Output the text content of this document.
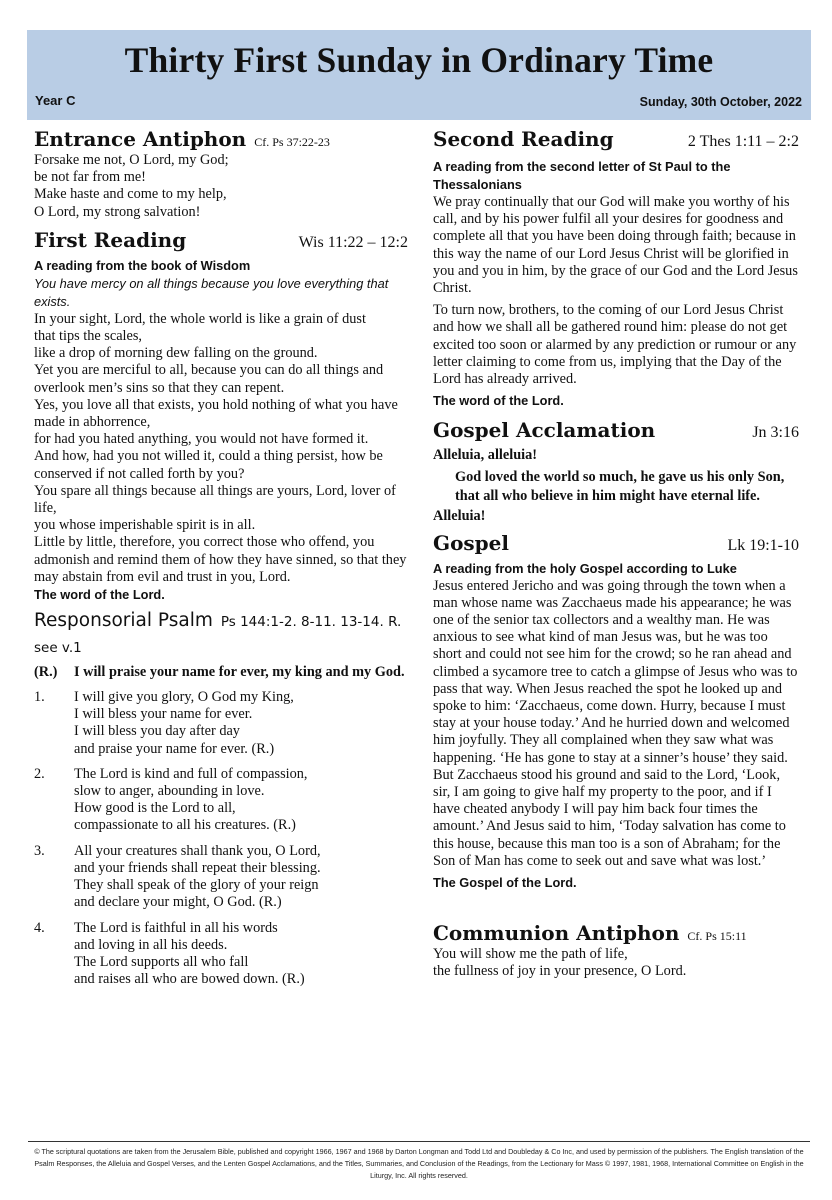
Thirty First Sunday in Ordinary Time
Year C	Sunday, 30th October, 2022
Entrance Antiphon Cf. Ps 37:22-23
Forsake me not, O Lord, my God;
be not far from me!
Make haste and come to my help,
O Lord, my strong salvation!
First Reading	Wis 11:22 – 12:2
A reading from the book of Wisdom
You have mercy on all things because you love everything that exists.
In your sight, Lord, the whole world is like a grain of dust
that tips the scales,
like a drop of morning dew falling on the ground.
Yet you are merciful to all, because you can do all things and overlook men’s sins so that they can repent.
Yes, you love all that exists, you hold nothing of what you have made in abhorrence,
for had you hated anything, you would not have formed it.
And how, had you not willed it, could a thing persist, how be conserved if not called forth by you?
You spare all things because all things are yours, Lord, lover of life,
you whose imperishable spirit is in all.
Little by little, therefore, you correct those who offend, you admonish and remind them of how they have sinned, so that they may abstain from evil and trust in you, Lord.
The word of the Lord.
Responsorial Psalm Ps 144:1-2. 8-11. 13-14. R. see v.1
(R.)	I will praise your name for ever, my king and my God.
1.	I will give you glory, O God my King,
I will bless your name for ever.
I will bless you day after day
and praise your name for ever. (R.)
2.	The Lord is kind and full of compassion,
slow to anger, abounding in love.
How good is the Lord to all,
compassionate to all his creatures. (R.)
3.	All your creatures shall thank you, O Lord,
and your friends shall repeat their blessing.
They shall speak of the glory of your reign
and declare your might, O God. (R.)
4.	The Lord is faithful in all his words
and loving in all his deeds.
The Lord supports all who fall
and raises all who are bowed down. (R.)
Second Reading	2 Thes 1:11 – 2:2
A reading from the second letter of St Paul to the Thessalonians
We pray continually that our God will make you worthy of his call, and by his power fulfil all your desires for goodness and complete all that you have been doing through faith; because in this way the name of our Lord Jesus Christ will be glorified in you and you in him, by the grace of our God and the Lord Jesus Christ.
To turn now, brothers, to the coming of our Lord Jesus Christ and how we shall all be gathered round him: please do not get excited too soon or alarmed by any prediction or rumour or any letter claiming to come from us, implying that the Day of the Lord has already arrived.
The word of the Lord.
Gospel Acclamation	Jn 3:16
Alleluia, alleluia!
God loved the world so much, he gave us his only Son, that all who believe in him might have eternal life.
Alleluia!
Gospel	Lk 19:1-10
A reading from the holy Gospel according to Luke
Jesus entered Jericho and was going through the town when a man whose name was Zacchaeus made his appearance; he was one of the senior tax collectors and a wealthy man. He was anxious to see what kind of man Jesus was, but he was too short and could not see him for the crowd; so he ran ahead and climbed a sycamore tree to catch a glimpse of Jesus who was to pass that way. When Jesus reached the spot he looked up and spoke to him: ‘Zacchaeus, come down. Hurry, because I must stay at your house today.’ And he hurried down and welcomed him joyfully. They all complained when they saw what was happening. ‘He has gone to stay at a sinner’s house’ they said. But Zacchaeus stood his ground and said to the Lord, ‘Look, sir, I am going to give half my property to the poor, and if I have cheated anybody I will pay him back four times the amount.’ And Jesus said to him, ‘Today salvation has come to this house, because this man too is a son of Abraham; for the Son of Man has come to seek out and save what was lost.’
The Gospel of the Lord.
Communion Antiphon Cf. Ps 15:11
You will show me the path of life,
the fullness of joy in your presence, O Lord.
© The scriptural quotations are taken from the Jerusalem Bible, published and copyright 1966, 1967 and 1968 by Darton Longman and Todd Ltd and Doubleday & Co Inc, and used by permission of the publishers. The English translation of the Psalm Responses, the Alleluia and Gospel Verses, and the Lenten Gospel Acclamations, and the Titles, Summaries, and Conclusion of the Readings, from the Lectionary for Mass © 1997, 1981, 1968, International Committee on English in the Liturgy, Inc. All rights reserved.
